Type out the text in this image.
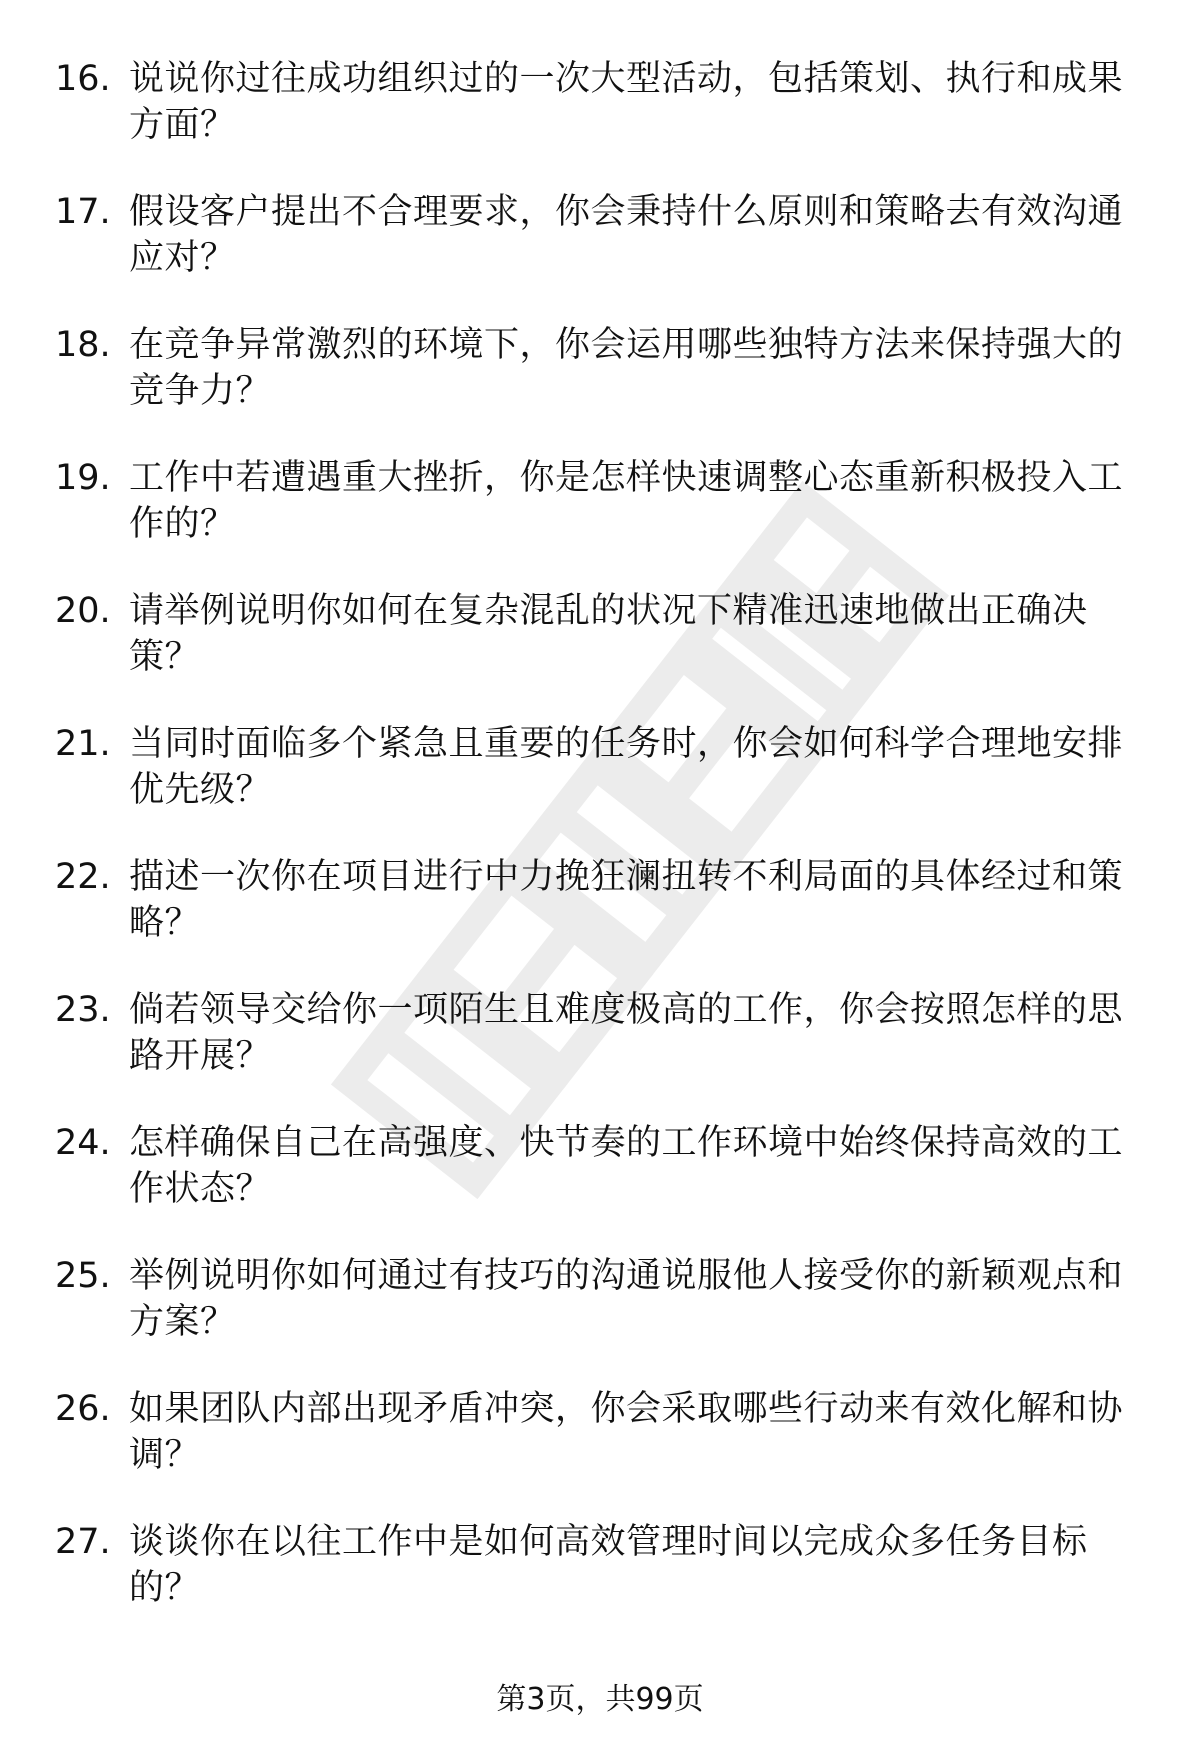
16. 说说你过往成功组织过的一次大型活动，包括策划、执行和成果方面？
17. 假设客户提出不合理要求，你会秉持什么原则和策略去有效沟通应对？
18. 在竞争异常激烈的环境下，你会运用哪些独特方法来保持强大的竞争力？
19. 工作中若遭遇重大挫折，你是怎样快速调整心态重新积极投入工作的？
20. 请举例说明你如何在复杂混乱的状况下精准迅速地做出正确决策？
21. 当同时面临多个紧急且重要的任务时，你会如何科学合理地安排优先级？
22. 描述一次你在项目进行中力挽狂澜扭转不利局面的具体经过和策略？
23. 倘若领导交给你一项陌生且难度极高的工作，你会按照怎样的思路开展？
24. 怎样确保自己在高强度、快节奏的工作环境中始终保持高效的工作状态？
25. 举例说明你如何通过有技巧的沟通说服他人接受你的新颖观点和方案？
26. 如果团队内部出现矛盾冲突，你会采取哪些行动来有效化解和协调？
27. 谈谈你在以往工作中是如何高效管理时间以完成众多任务目标的？
第3页，共99页
